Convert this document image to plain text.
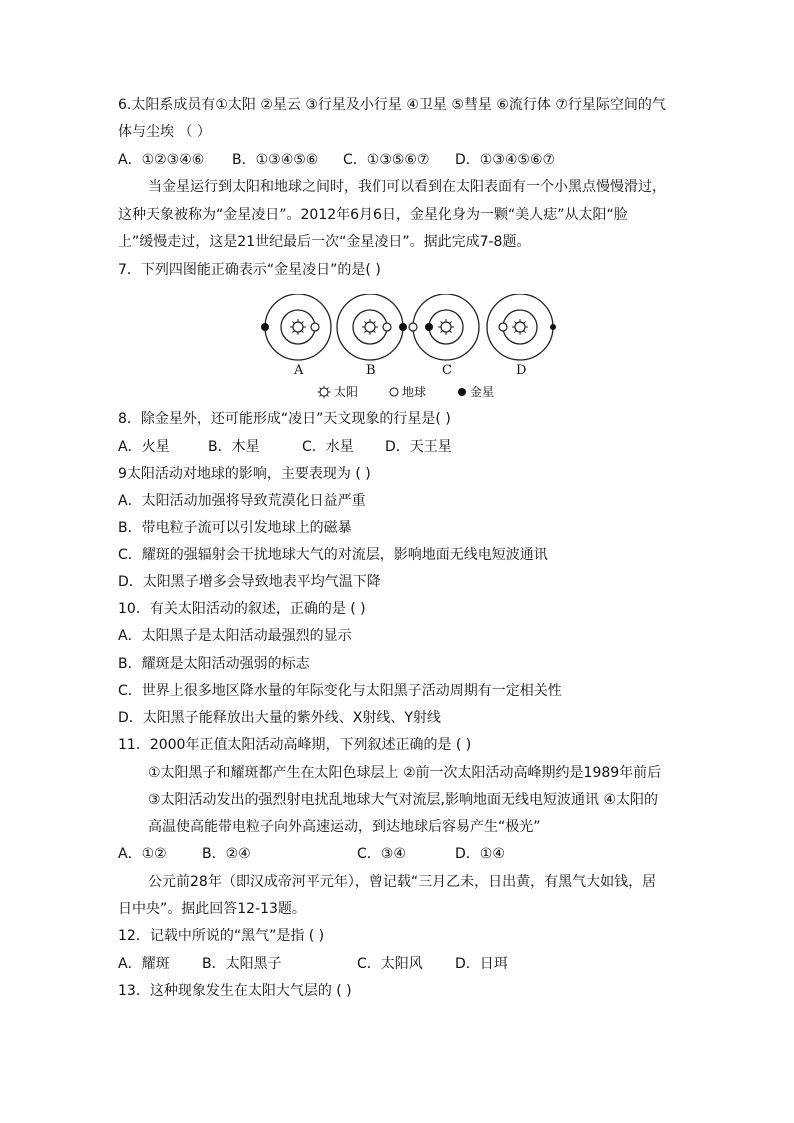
6.太阳系成员有①太阳 ②星云 ③行星及小行星 ④卫星 ⑤彗星 ⑥流行体 ⑦行星际空间的气
体与尘埃 （ ）
A．①②③④⑥ B．①③④⑤⑥ C．①③⑤⑥⑦ D．①③④⑤⑥⑦
当金星运行到太阳和地球之间时，我们可以看到在太阳表面有一个小黑点慢慢滑过，
这种天象被称为“金星凌日”。2012年6月6日，金星化身为一颗“美人痣”从太阳“脸
上”缓慢走过，这是21世纪最后一次“金星凌日”。据此完成7-8题。
7．下列四图能正确表示“金星凌日”的是( )
A	B	C	D
太阳	地球	金星
8．除金星外，还可能形成“凌日”天文现象的行星是( )
A．火星	B．木星	C．水星 D．天王星
9太阳活动对地球的影响，主要表现为 ( )
A．太阳活动加强将导致荒漠化日益严重
B．带电粒子流可以引发地球上的磁暴
C．耀斑的强辐射会干扰地球大气的对流层，影响地面无线电短波通讯
D．太阳黑子增多会导致地表平均气温下降
10．有关太阳活动的叙述，正确的是 ( )
A．太阳黑子是太阳活动最强烈的显示
B．耀斑是太阳活动强弱的标志
C．世界上很多地区降水量的年际变化与太阳黑子活动周期有一定相关性
D．太阳黑子能释放出大量的紫外线、X射线、Y射线
11．2000年正值太阳活动高峰期，下列叙述正确的是 ( )
①太阳黑子和耀斑都产生在太阳色球层上 ②前一次太阳活动高峰期约是1989年前后
③太阳活动发出的强烈射电扰乱地球大气对流层,影响地面无线电短波通讯 ④太阳的
高温使高能带电粒子向外高速运动，到达地球后容易产生“极光”
A．①②	B．②④	C．③④	D．①④
公元前28年（即汉成帝河平元年），曾记载“三月乙未，日出黄，有黑气大如钱，居
日中央”。据此回答12-13题。
12．记载中所说的“黑气”是指 ( )
A．耀斑 B．太阳黑子	C．太阳风 D．日珥
13．这种现象发生在太阳大气层的 ( )
